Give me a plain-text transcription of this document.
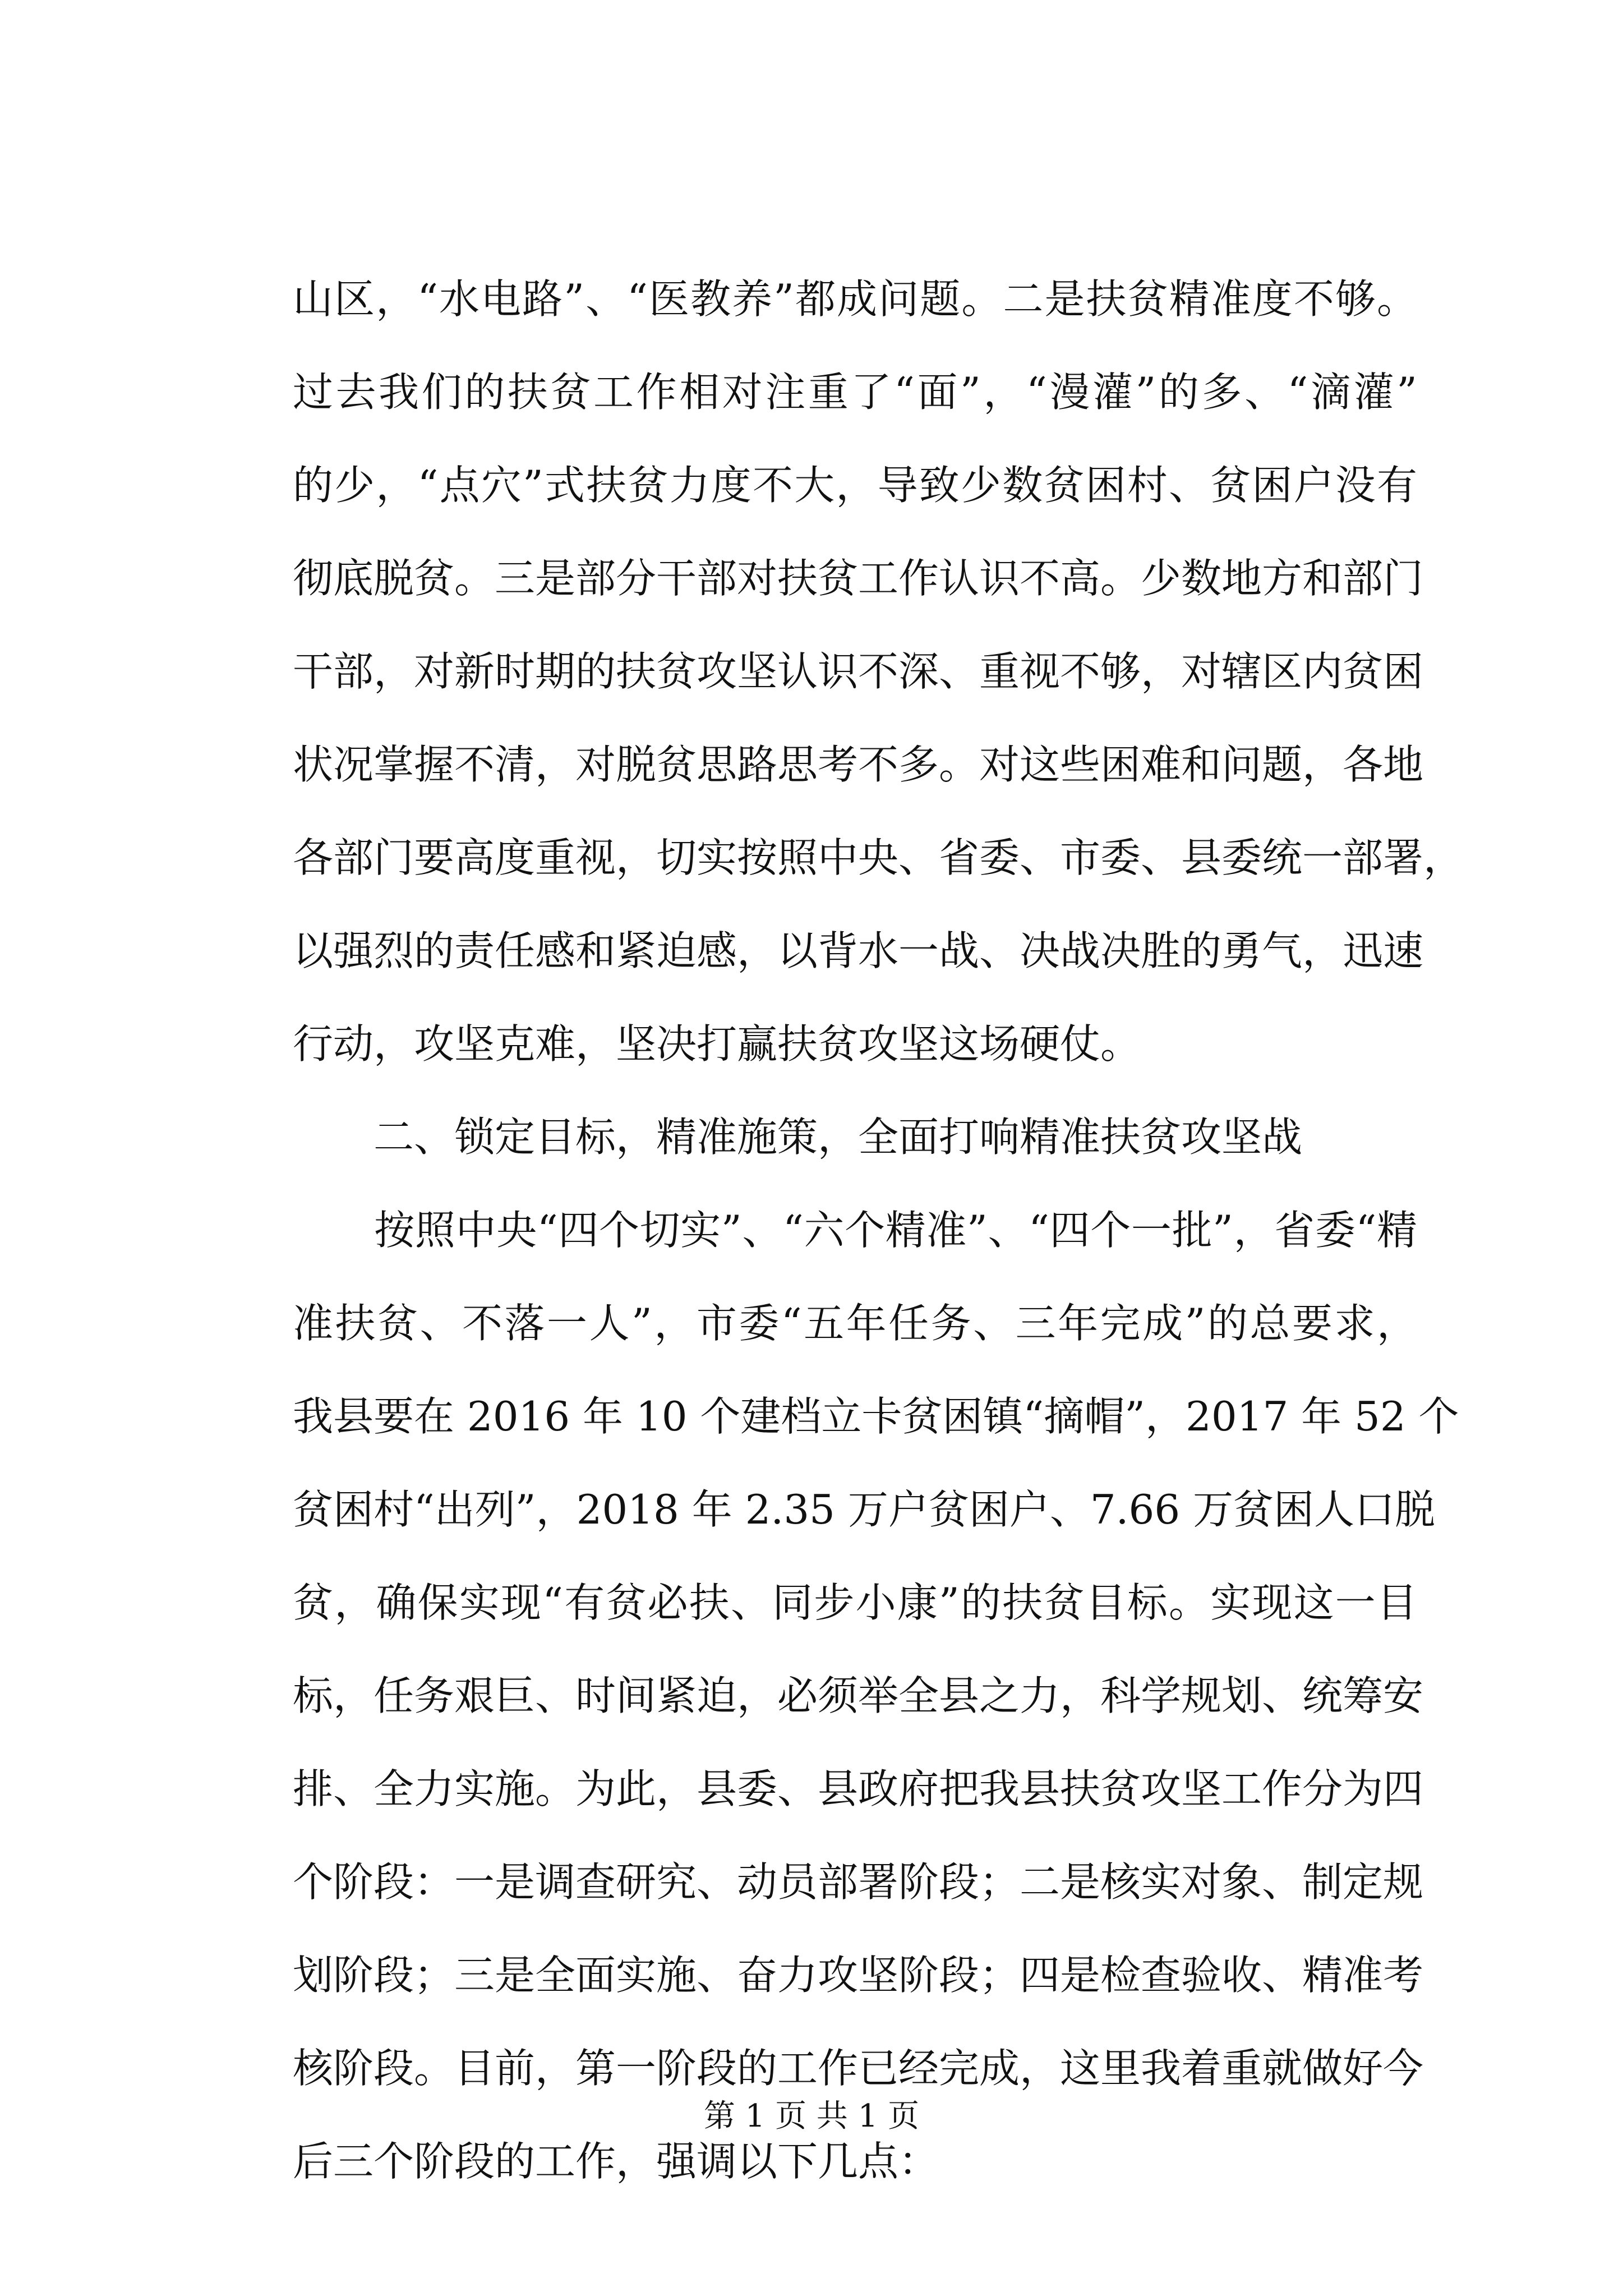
山区，“水电路”、“医教养”都成问题。二是扶贫精准度不够。
过去我们的扶贫工作相对注重了“面”，“漫灌”的多、“滴灌”
的少，“点穴”式扶贫力度不大，导致少数贫困村、贫困户没有
彻底脱贫。三是部分干部对扶贫工作认识不高。少数地方和部门
干部，对新时期的扶贫攻坚认识不深、重视不够，对辖区内贫困
状况掌握不清，对脱贫思路思考不多。对这些困难和问题，各地
各部门要高度重视，切实按照中央、省委、市委、县委统一部署，
以强烈的责任感和紧迫感，以背水一战、决战决胜的勇气，迅速
行动，攻坚克难，坚决打赢扶贫攻坚这场硬仗。
　　二、锁定目标，精准施策，全面打响精准扶贫攻坚战
　　按照中央“四个切实”、“六个精准”、“四个一批”，省委“精
准扶贫、不落一人”，市委“五年任务、三年完成”的总要求，
我县要在 2016 年 10 个建档立卡贫困镇“摘帽”，2017 年 52 个
贫困村“出列”，2018 年 2.35 万户贫困户、7.66 万贫困人口脱
贫，确保实现“有贫必扶、同步小康”的扶贫目标。实现这一目
标，任务艰巨、时间紧迫，必须举全县之力，科学规划、统筹安
排、全力实施。为此，县委、县政府把我县扶贫攻坚工作分为四
个阶段：一是调查研究、动员部署阶段；二是核实对象、制定规
划阶段；三是全面实施、奋力攻坚阶段；四是检查验收、精准考
核阶段。目前，第一阶段的工作已经完成，这里我着重就做好今
后三个阶段的工作，强调以下几点：
第 1 页 共 1 页
